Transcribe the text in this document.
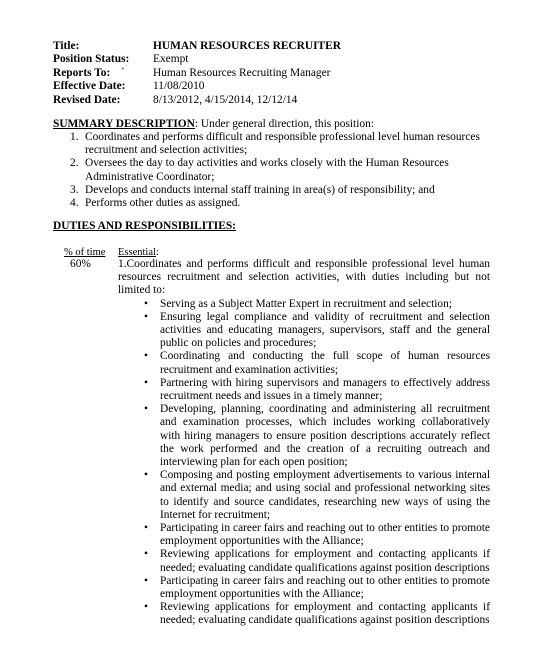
Title:	HUMAN RESOURCES RECRUITER
Position Status: Exempt
Reports To: ` Human Resources Recruiting Manager
Effective Date: 11/08/2010
Revised Date:	8/13/2012, 4/15/2014, 12/12/14
SUMMARY DESCRIPTION: Under general direction, this position:
1. Coordinates and performs difficult and responsible professional level human resources recruitment and selection activities;
2. Oversees the day to day activities and works closely with the Human Resources Administrative Coordinator;
3. Develops and conducts internal staff training in area(s) of responsibility; and
4. Performs other duties as assigned.
DUTIES AND RESPONSIBILITIES:
% of time Essential:
60% 1.Coordinates and performs difficult and responsible professional level human resources recruitment and selection activities, with duties including but not limited to:

• Serving as a Subject Matter Expert in recruitment and selection;
• Ensuring legal compliance and validity of recruitment and selection activities and educating managers, supervisors, staff and the general public on policies and procedures;
• Coordinating and conducting the full scope of human resources recruitment and examination activities;
• Partnering with hiring supervisors and managers to effectively address recruitment needs and issues in a timely manner;
• Developing, planning, coordinating and administering all recruitment and examination processes, which includes working collaboratively with hiring managers to ensure position descriptions accurately reflect the work performed and the creation of a recruiting outreach and interviewing plan for each open position;
• Composing and posting employment advertisements to various internal and external media; and using social and professional networking sites to identify and source candidates, researching new ways of using the Internet for recruitment;
• Participating in career fairs and reaching out to other entities to promote employment opportunities with the Alliance;
• Reviewing applications for employment and contacting applicants if needed; evaluating candidate qualifications against position descriptions
• Participating in career fairs and reaching out to other entities to promote employment opportunities with the Alliance;
• Reviewing applications for employment and contacting applicants if needed; evaluating candidate qualifications against position descriptions
